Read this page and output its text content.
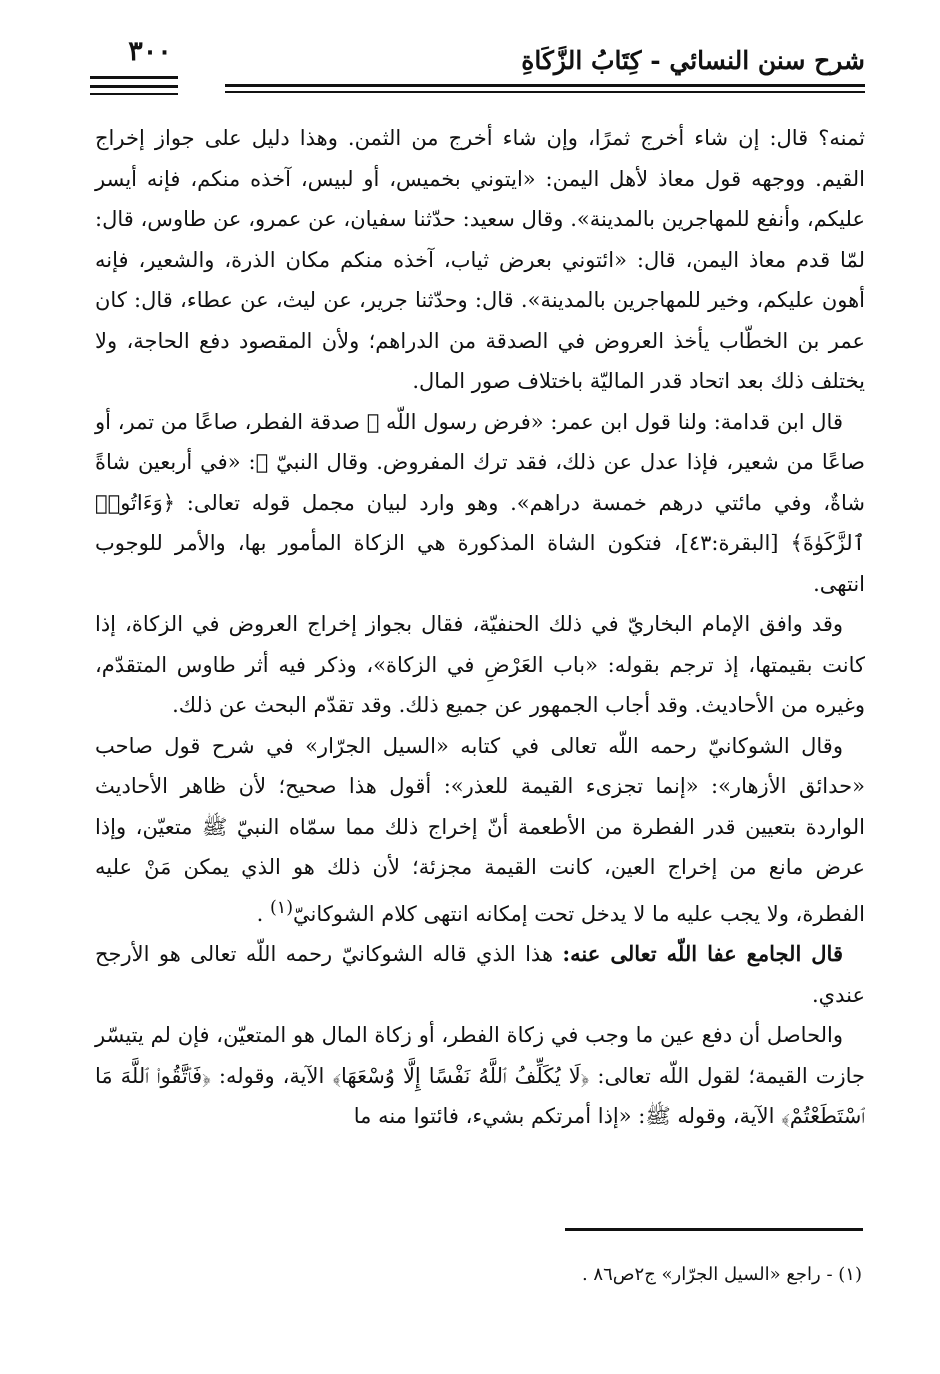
شرح سنن النسائي - كِتَابُ الزَّكَاةِ
٣٠٠

ثمنه؟ قال: إن شاء أخرج ثمرًا، وإن شاء أخرج من الثمن. وهذا دليل على جواز إخراج القيم. ووجهه قول معاذ لأهل اليمن: «ايتوني بخميس، أو لبيس، آخذه منكم، فإنه أيسر عليكم، وأنفع للمهاجرين بالمدينة». وقال سعيد: حدّثنا سفيان، عن عمرو، عن طاوس، قال: لمّا قدم معاذ اليمن، قال: «ائتوني بعرض ثياب، آخذه منكم مكان الذرة، والشعير، فإنه أهون عليكم، وخير للمهاجرين بالمدينة». قال: وحدّثنا جرير، عن ليث، عن عطاء، قال: كان عمر بن الخطّاب يأخذ العروض في الصدقة من الدراهم؛ ولأن المقصود دفع الحاجة، ولا يختلف ذلك بعد اتحاد قدر الماليّة باختلاف صور المال.

قال ابن قدامة: ولنا قول ابن عمر: «فرض رسول اللّه ﷺ صدقة الفطر، صاعًا من تمر، أو صاعًا من شعير، فإذا عدل عن ذلك، فقد ترك المفروض. وقال النبيّ ﷺ: «في أربعين شاةً شاةٌ، وفي مائتي درهم خمسة دراهم». وهو وارد لبيان مجمل قوله تعالى: ﴿وَءَاتُوا۟ ٱلزَّكَوٰةَ﴾ [البقرة:٤٣]، فتكون الشاة المذكورة هي الزكاة المأمور بها، والأمر للوجوب انتهى.

وقد وافق الإمام البخاريّ في ذلك الحنفيّة، فقال بجواز إخراج العروض في الزكاة، إذا كانت بقيمتها، إذ ترجم بقوله: «باب العَرْضِ في الزكاة»، وذكر فيه أثر طاوس المتقدّم، وغيره من الأحاديث. وقد أجاب الجمهور عن جميع ذلك. وقد تقدّم البحث عن ذلك.

وقال الشوكانيّ رحمه اللّه تعالى في كتابه «السيل الجرّار» في شرح قول صاحب «حدائق الأزهار»: «إنما تجزىء القيمة للعذر»: أقول هذا صحيح؛ لأن ظاهر الأحاديث الواردة بتعيين قدر الفطرة من الأطعمة أنّ إخراج ذلك مما سمّاه النبيّ ﷺ متعيّن، وإذا عرض مانع من إخراج العين، كانت القيمة مجزئة؛ لأن ذلك هو الذي يمكن مَنْ عليه الفطرة، ولا يجب عليه ما لا يدخل تحت إمكانه انتهى كلام الشوكانيّ$^{(١)}$ .

قال الجامع عفا اللّه تعالى عنه: هذا الذي قاله الشوكانيّ رحمه اللّه تعالى هو الأرجح عندي.

والحاصل أن دفع عين ما وجب في زكاة الفطر، أو زكاة المال هو المتعيّن، فإن لم يتيسّر جازت القيمة؛ لقول اللّه تعالى: ﴿لَا يُكَلِّفُ ٱللَّهُ نَفْسًا إِلَّا وُسْعَهَا﴾ الآية، وقوله: ﴿فَٱتَّقُوا۟ ٱللَّهَ مَا ٱسْتَطَعْتُمْ﴾ الآية، وقوله ﷺ: «إذا أمرتكم بشيء، فائتوا منه ما

(١) - راجع «السيل الجرّار» ج٢ص٨٦ .
